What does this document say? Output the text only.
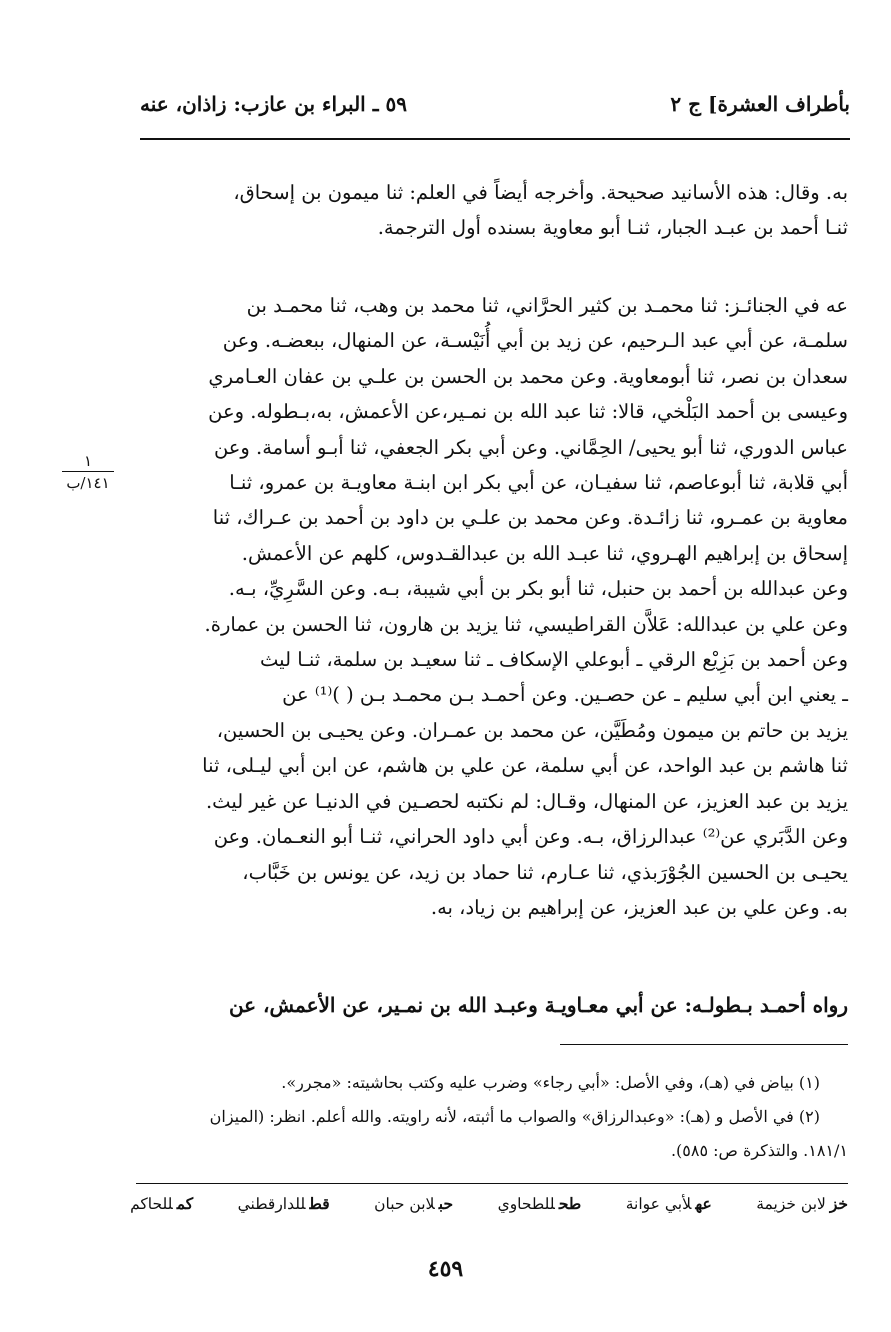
بأطراف العشرة] ج ٢
٥٩ ـ البراء بن عازب: زاذان، عنه

به. وقال: هذه الأسانيد صحيحة. وأخرجه أيضاً في العلم: ثنا ميمون بن إسحاق،

ثنـا أحمد بن عبـد الجبار، ثنـا أبو معاوية بسنده أول الترجمة.

عه في الجنائـز: ثنا محمـد بن كثير الحرَّاني، ثنا محمد بن وهب، ثنا محمـد بن

سلمـة، عن أبي عبد الـرحيم، عن زيد بن أبي أُنَيْسـة، عن المنهال، ببعضـه. وعن

سعدان بن نصر، ثنا أبومعاوية. وعن محمد بن الحسن بن علـي بن عفان العـامري

وعيسى بن أحمد البَلْخي، قالا: ثنا عبد الله بن نمـير،عن الأعمش، به،بـطوله. وعن

عباس الدوري، ثنا أبو يحيى/ الحِمَّاني. وعن أبي بكر الجعفي، ثنا أبـو أسامة. وعن

أبي قلابة، ثنا أبوعاصم، ثنا سفيـان، عن أبي بكر ابن ابنـة معاويـة بن عمرو، ثنـا

معاوية بن عمـرو، ثنا زائـدة. وعن محمد بن علـي بن داود بن أحمد بن عـراك، ثنا

إسحاق بن إبراهيم الهـروي، ثنا عبـد الله بن عبدالقـدوس، كلهم عن الأعمش.

وعن عبدالله بن أحمد بن حنبل، ثنا أبو بكر بن أبي شيبة، بـه. وعن السَّرِيِّ، بـه.

وعن علي بن عبدالله: عَلاَّن القراطيسي، ثنا يزيد بن هارون، ثنا الحسن بن عمارة.

وعن أحمد بن بَزِيْع الرقي ـ أبوعلي الإسكاف ـ ثنا سعيـد بن سلمة، ثنـا ليث

ـ يعني ابن أبي سليم ـ عن حصـين. وعن أحمـد بـن محمـد بـن ( )⁽¹⁾ عن

يزيد بن حاتم بن ميمون ومُطَيَّن، عن محمد بن عمـران. وعن يحيـى بن الحسين،

ثنا هاشم بن عبد الواحد، عن أبي سلمة، عن علي بن هاشم، عن ابن أبي ليـلى، ثنا

يزيد بن عبد العزيز، عن المنهال، وقـال: لم نكتبه لحصـين في الدنيـا عن غير ليث.

وعن الدَّبَري عن⁽²⁾ عبدالرزاق، بـه. وعن أبي داود الحراني، ثنـا أبو النعـمان. وعن

يحيـى بن الحسين الجُوْرَبذي، ثنا عـارم، ثنا حماد بن زيد، عن يونس بن خَبَّاب،

به. وعن علي بن عبد العزيز، عن إبراهيم بن زياد، به.

١
١٤١/ب

رواه أحمـد بـطولـه: عن أبي معـاويـة وعبـد الله بن نمـير، عن الأعمش، عن

(١) بياض في (هـ)، وفي الأصل: «أبي رجاء» وضرب عليه وكتب بحاشيته: «مجرر».

(٢) في الأصل و (هـ): «وعبدالرزاق» والصواب ما أثبته، لأنه راويته. والله أعلم. انظر: (الميزان

١٨١/١. والتذكرة ص: ٥٨٥).

خزلابن خزيمة
عهلأبي عوانة
طحللطحاوي
حبلابن حبان
قطللدارقطني
كمللحاكم
٤٥٩
